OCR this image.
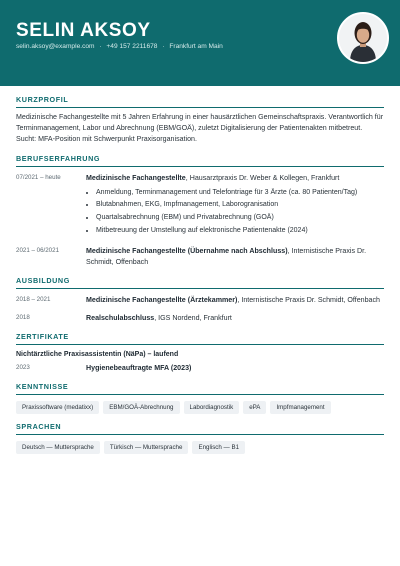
SELIN AKSOY
selin.aksoy@example.com · +49 157 2211678 · Frankfurt am Main
KURZPROFIL
Medizinische Fachangestellte mit 5 Jahren Erfahrung in einer hausärztlichen Gemeinschaftspraxis. Verantwortlich für Terminmanagement, Labor und Abrechnung (EBM/GOÄ), zuletzt Digitalisierung der Patientenakten mitbetreut. Sucht: MFA-Position mit Schwerpunkt Praxisorganisation.
BERUFSERFAHRUNG
07/2021 – heute	Medizinische Fachangestellte, Hausarztpraxis Dr. Weber & Kollegen, Frankfurt
• Anmeldung, Terminmanagement und Telefontriage für 3 Ärzte (ca. 80 Patienten/Tag)
• Blutabnahmen, EKG, Impfmanagement, Laborogranisation
• Quartalsabrechnung (EBM) und Privatabrechnung (GOÄ)
• Mitbetreuung der Umstellung auf elektronische Patientenakte (2024)
2021 – 06/2021	Medizinische Fachangestellte (Übernahme nach Abschluss), Internistische Praxis Dr. Schmidt, Offenbach
AUSBILDUNG
2018 – 2021	Medizinische Fachangestellte (Ärztekammer), Internistische Praxis Dr. Schmidt, Offenbach
2018	Realschulabschluss, IGS Nordend, Frankfurt
ZERTIFIKATE
Nichtärztliche Praxisassistentin (NäPa) – laufend
2023	Hygienebeauftragte MFA (2023)
KENNTNISSE
Praxissoftware (medatixx)	EBM/GOÄ-Abrechnung	Labordiagnostik	ePA	Impfmanagement
SPRACHEN
Deutsch — Muttersprache	Türkisch — Muttersprache	Englisch — B1
